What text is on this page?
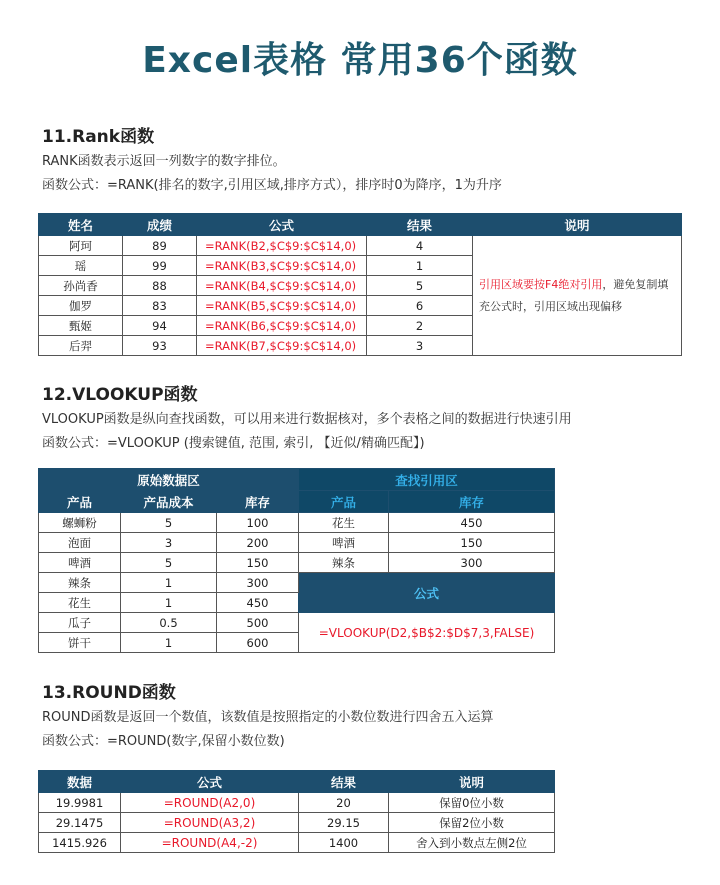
Excel表格 常用36个函数
11.Rank函数
RANK函数表示返回一列数字的数字排位。
函数公式：=RANK(排名的数字,引用区域,排序方式），排序时0为降序，1为升序
姓名	成绩	公式	结果	说明
阿珂	89	=RANK(B2,$C$9:$C$14,0)	4	引用区域要按F4绝对引用，避免复制填充公式时，引用区域出现偏移
瑶	99	=RANK(B3,$C$9:$C$14,0)	1	
孙尚香	88	=RANK(B4,$C$9:$C$14,0)	5	
伽罗	83	=RANK(B5,$C$9:$C$14,0)	6	
甄姬	94	=RANK(B6,$C$9:$C$14,0)	2	
后羿	93	=RANK(B7,$C$9:$C$14,0)	3	
12.VLOOKUP函数
VLOOKUP函数是纵向查找函数，可以用来进行数据核对，多个表格之间的数据进行快速引用
函数公式：=VLOOKUP (搜索键值, 范围, 索引, 【近似/精确匹配】)
原始数据区			查找引用区	
产品	产品成本	库存	产品	库存
螺蛳粉	5	100	花生	450
泡面	3	200	啤酒	150
啤酒	5	150	辣条	300
辣条	1	300	公式	
花生	1	450		
瓜子	0.5	500	=VLOOKUP(D2,$B$2:$D$7,3,FALSE)	
饼干	1	600		
13.ROUND函数
ROUND函数是返回一个数值，该数值是按照指定的小数位数进行四舍五入运算
函数公式：=ROUND(数字,保留小数位数)
数据	公式	结果	说明
19.9981	=ROUND(A2,0)	20	保留0位小数
29.1475	=ROUND(A3,2)	29.15	保留2位小数
1415.926	=ROUND(A4,-2)	1400	舍入到小数点左侧2位
